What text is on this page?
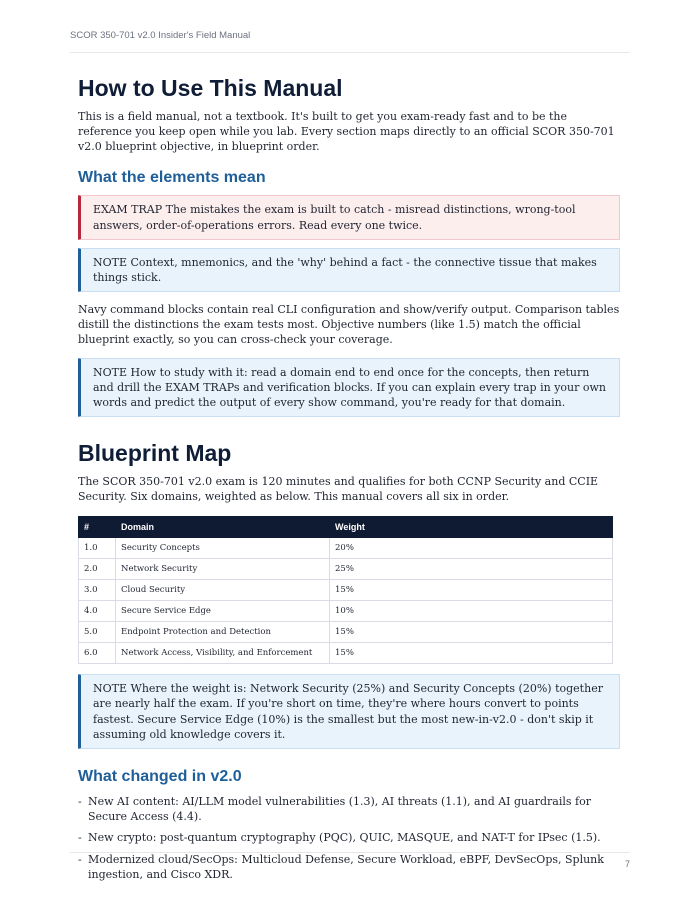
SCOR 350-701 v2.0 Insider's Field Manual
How to Use This Manual

This is a field manual, not a textbook. It's built to get you exam-ready fast and to be the reference you keep open while you lab. Every section maps directly to an official SCOR 350-701 v2.0 blueprint objective, in blueprint order.

What the elements mean
EXAM TRAP The mistakes the exam is built to catch - misread distinctions, wrong-tool answers, order-of-operations errors. Read every one twice.
NOTE Context, mnemonics, and the 'why' behind a fact - the connective tissue that makes things stick.

Navy command blocks contain real CLI configuration and show/verify output. Comparison tables distill the distinctions the exam tests most. Objective numbers (like 1.5) match the official blueprint exactly, so you can cross-check your coverage.

NOTE How to study with it: read a domain end to end once for the concepts, then return and drill the EXAM TRAPs and verification blocks. If you can explain every trap in your own words and predict the output of every show command, you're ready for that domain.
Blueprint Map

The SCOR 350-701 v2.0 exam is 120 minutes and qualifies for both CCNP Security and CCIE Security. Six domains, weighted as below. This manual covers all six in order.

#	Domain	Weight
1.0	Security Concepts	20%
2.0	Network Security	25%
3.0	Cloud Security	15%
4.0	Secure Service Edge	10%
5.0	Endpoint Protection and Detection	15%
6.0	Network Access, Visibility, and Enforcement	15%
NOTE Where the weight is: Network Security (25%) and Security Concepts (20%) together are nearly half the exam. If you're short on time, they're where hours convert to points fastest. Secure Service Edge (10%) is the smallest but the most new-in-v2.0 - don't skip it assuming old knowledge covers it.
What changed in v2.0
- New AI content: AI/LLM model vulnerabilities (1.3), AI threats (1.1), and AI guardrails for Secure Access (4.4).
- New crypto: post-quantum cryptography (PQC), QUIC, MASQUE, and NAT-T for IPsec (1.5).
- Modernized cloud/SecOps: Multicloud Defense, Secure Workload, eBPF, DevSecOps, Splunk ingestion, and Cisco XDR.
7
